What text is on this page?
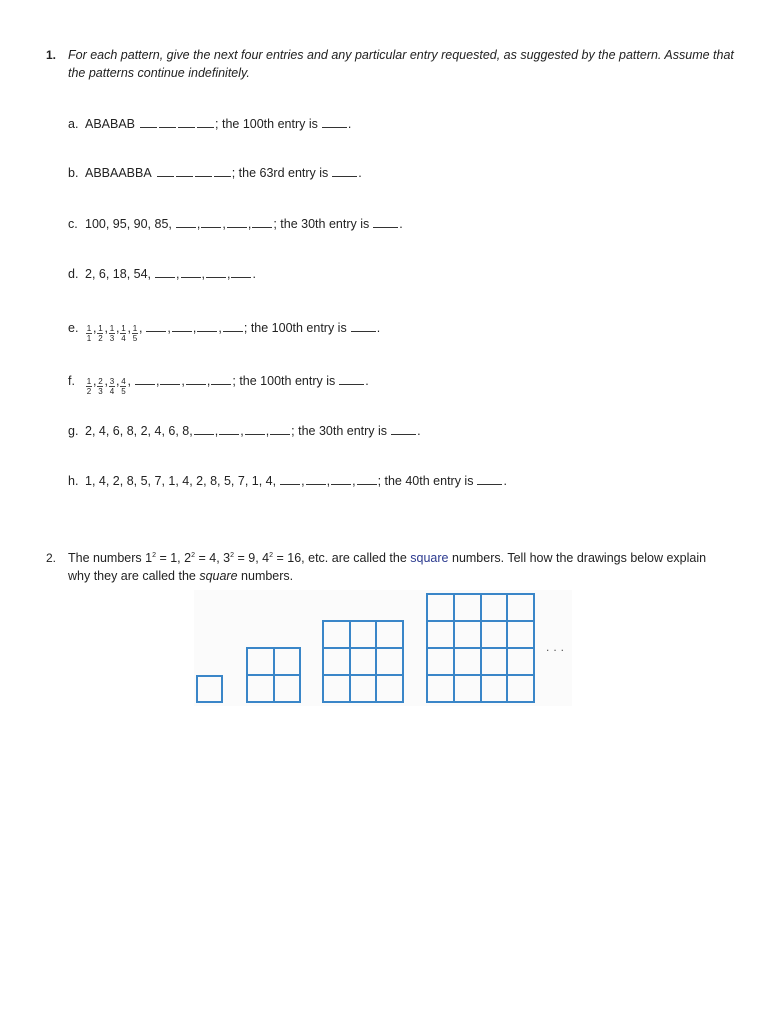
1. For each pattern, give the next four entries and any particular entry requested, as suggested by the pattern. Assume that the patterns continue indefinitely.
a. ABABAB	; the 100th entry is .
b. ABBAABBA	; the 63rd entry is .
c. 100, 95, 90, 85, , , , ; the 30th entry is .
d. 2, 6, 18, 54, , , , .
e. $\frac{1}{1}$ , $\frac{1}{2}$ , $\frac{1}{3}$ , $\frac{1}{4}$ , $\frac{1}{5}$ , , , , ; the 100th entry is .
f.	$\frac{1}{2}$ , $\frac{2}{3}$ , $\frac{3}{4}$ , $\frac{4}{5}$ , , , , ; the 100th entry is .
g. 2, 4, 6, 8, 2, 4, 6, 8, , , , ; the 30th entry is .
h. 1, 4, 2, 8, 5, 7, 1, 4, 2, 8, 5, 7, 1, 4, , , , ; the 40th entry is .
2. The numbers $1^2 = 1$, $2^2 = 4$, $3^2 = 9$, $4^2 = 16$, etc. are called the square numbers. Tell how the drawings below explain
why they are called the square numbers.
...
